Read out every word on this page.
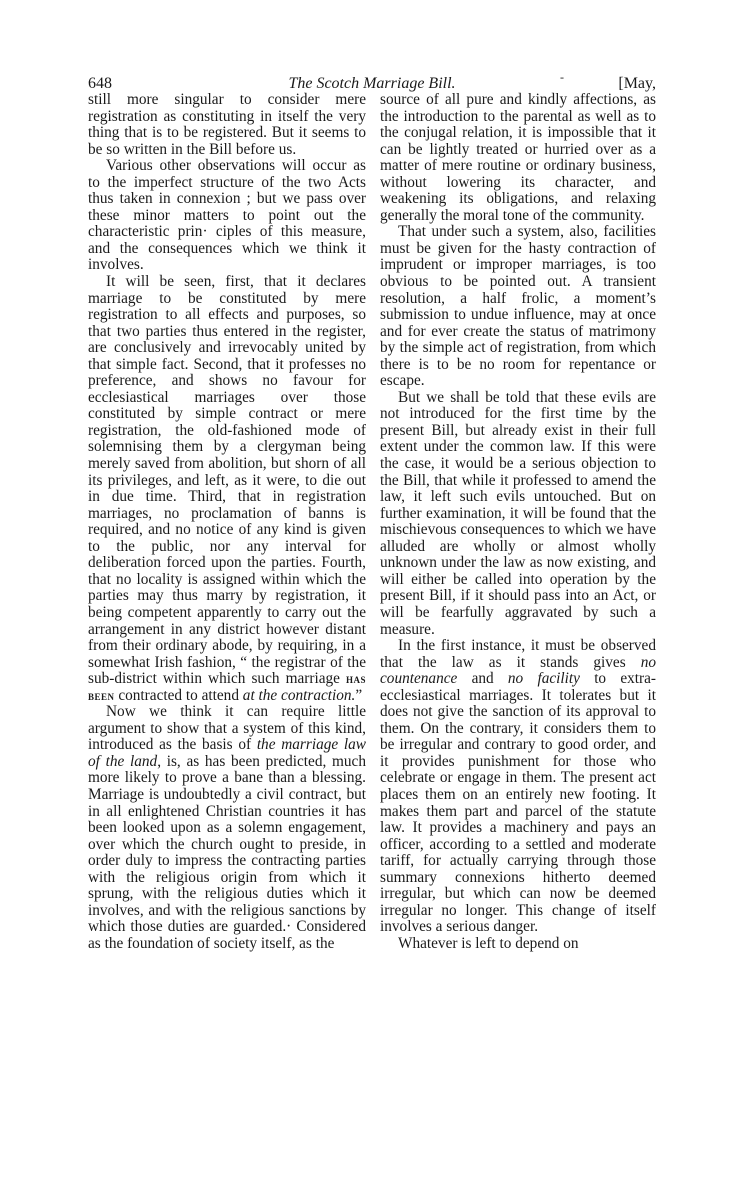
648	The Scotch Marriage Bill.	-	[May,

still more singular to consider mere registration as constituting in itself the very thing that is to be registered. But it seems to be so written in the Bill before us.

Various other observations will occur as to the imperfect structure of the two Acts thus taken in connexion ; but we pass over these minor matters to point out the characteristic prin· ciples of this measure, and the consequences which we think it involves.

It will be seen, first, that it declares marriage to be constituted by mere registration to all effects and purposes, so that two parties thus entered in the register, are conclusively and irrevocably united by that simple fact. Second, that it professes no preference, and shows no favour for ecclesiastical marriages over those constituted by simple contract or mere registration, the old-fashioned mode of solemnising them by a clergyman being merely saved from abolition, but shorn of all its privileges, and left, as it were, to die out in due time. Third, that in registration marriages, no proclamation of banns is required, and no notice of any kind is given to the public, nor any interval for deliberation forced upon the parties. Fourth, that no locality is assigned within which the parties may thus marry by registration, it being competent apparently to carry out the arrangement in any district however distant from their ordinary abode, by requiring, in a somewhat Irish fashion, “ the registrar of the sub-district within which such marriage has been contracted to attend at the contraction.”

Now we think it can require little argument to show that a system of this kind, introduced as the basis of the marriage law of the land, is, as has been predicted, much more likely to prove a bane than a blessing. Marriage is undoubtedly a civil contract, but in all enlightened Christian countries it has been looked upon as a solemn engagement, over which the church ought to preside, in order duly to impress the contracting parties with the religious origin from which it sprung, with the religious duties which it involves, and with the religious sanctions by which those duties are guarded.· Considered as the foundation of society itself, as the

source of all pure and kindly affections, as the introduction to the parental as well as to the conjugal relation, it is impossible that it can be lightly treated or hurried over as a matter of mere routine or ordinary business, without lowering its character, and weakening its obligations, and relaxing generally the moral tone of the community.

That under such a system, also, facilities must be given for the hasty contraction of imprudent or improper marriages, is too obvious to be pointed out. A transient resolution, a half frolic, a moment’s submission to undue influence, may at once and for ever create the status of matrimony by the simple act of registration, from which there is to be no room for repentance or escape.

But we shall be told that these evils are not introduced for the first time by the present Bill, but already exist in their full extent under the common law. If this were the case, it would be a serious objection to the Bill, that while it professed to amend the law, it left such evils untouched. But on further examination, it will be found that the mischievous consequences to which we have alluded are wholly or almost wholly unknown under the law as now existing, and will either be called into operation by the present Bill, if it should pass into an Act, or will be fearfully aggravated by such a measure.

In the first instance, it must be observed that the law as it stands gives no countenance and no facility to extra-ecclesiastical marriages. It tolerates but it does not give the sanction of its approval to them. On the contrary, it considers them to be irregular and contrary to good order, and it provides punishment for those who celebrate or engage in them. The present act places them on an entirely new footing. It makes them part and parcel of the statute law. It provides a machinery and pays an officer, according to a settled and moderate tariff, for actually carrying through those summary connexions hitherto deemed irregular, but which can now be deemed irregular no longer. This change of itself involves a serious danger.

Whatever is left to depend on
